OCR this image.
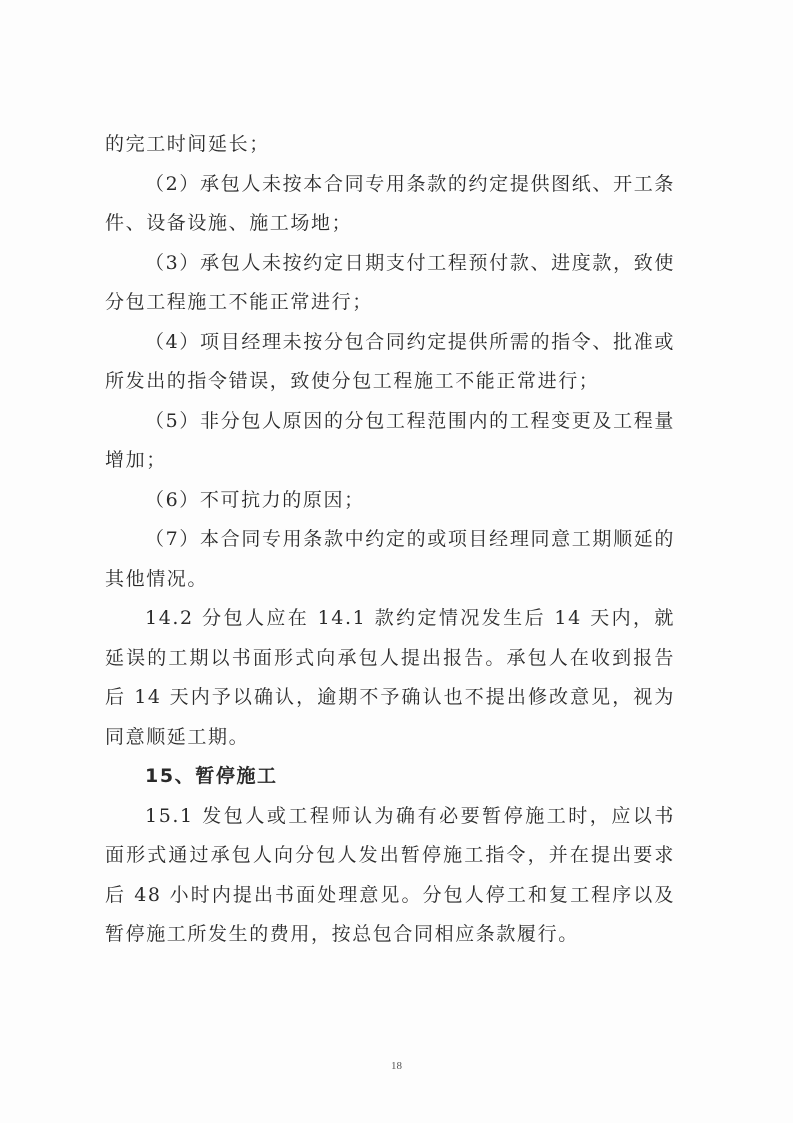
的完工时间延长；

（2）承包人未按本合同专用条款的约定提供图纸、开工条件、设备设施、施工场地；

（3）承包人未按约定日期支付工程预付款、进度款，致使分包工程施工不能正常进行；

（4）项目经理未按分包合同约定提供所需的指令、批准或所发出的指令错误，致使分包工程施工不能正常进行；

（5）非分包人原因的分包工程范围内的工程变更及工程量增加；

（6）不可抗力的原因；

（7）本合同专用条款中约定的或项目经理同意工期顺延的其他情况。

14.2 分包人应在 14.1 款约定情况发生后 14 天内，就延误的工期以书面形式向承包人提出报告。承包人在收到报告后 14 天内予以确认，逾期不予确认也不提出修改意见，视为同意顺延工期。

15、暂停施工

15.1 发包人或工程师认为确有必要暂停施工时，应以书面形式通过承包人向分包人发出暂停施工指令，并在提出要求后 48 小时内提出书面处理意见。分包人停工和复工程序以及暂停施工所发生的费用，按总包合同相应条款履行。

18
